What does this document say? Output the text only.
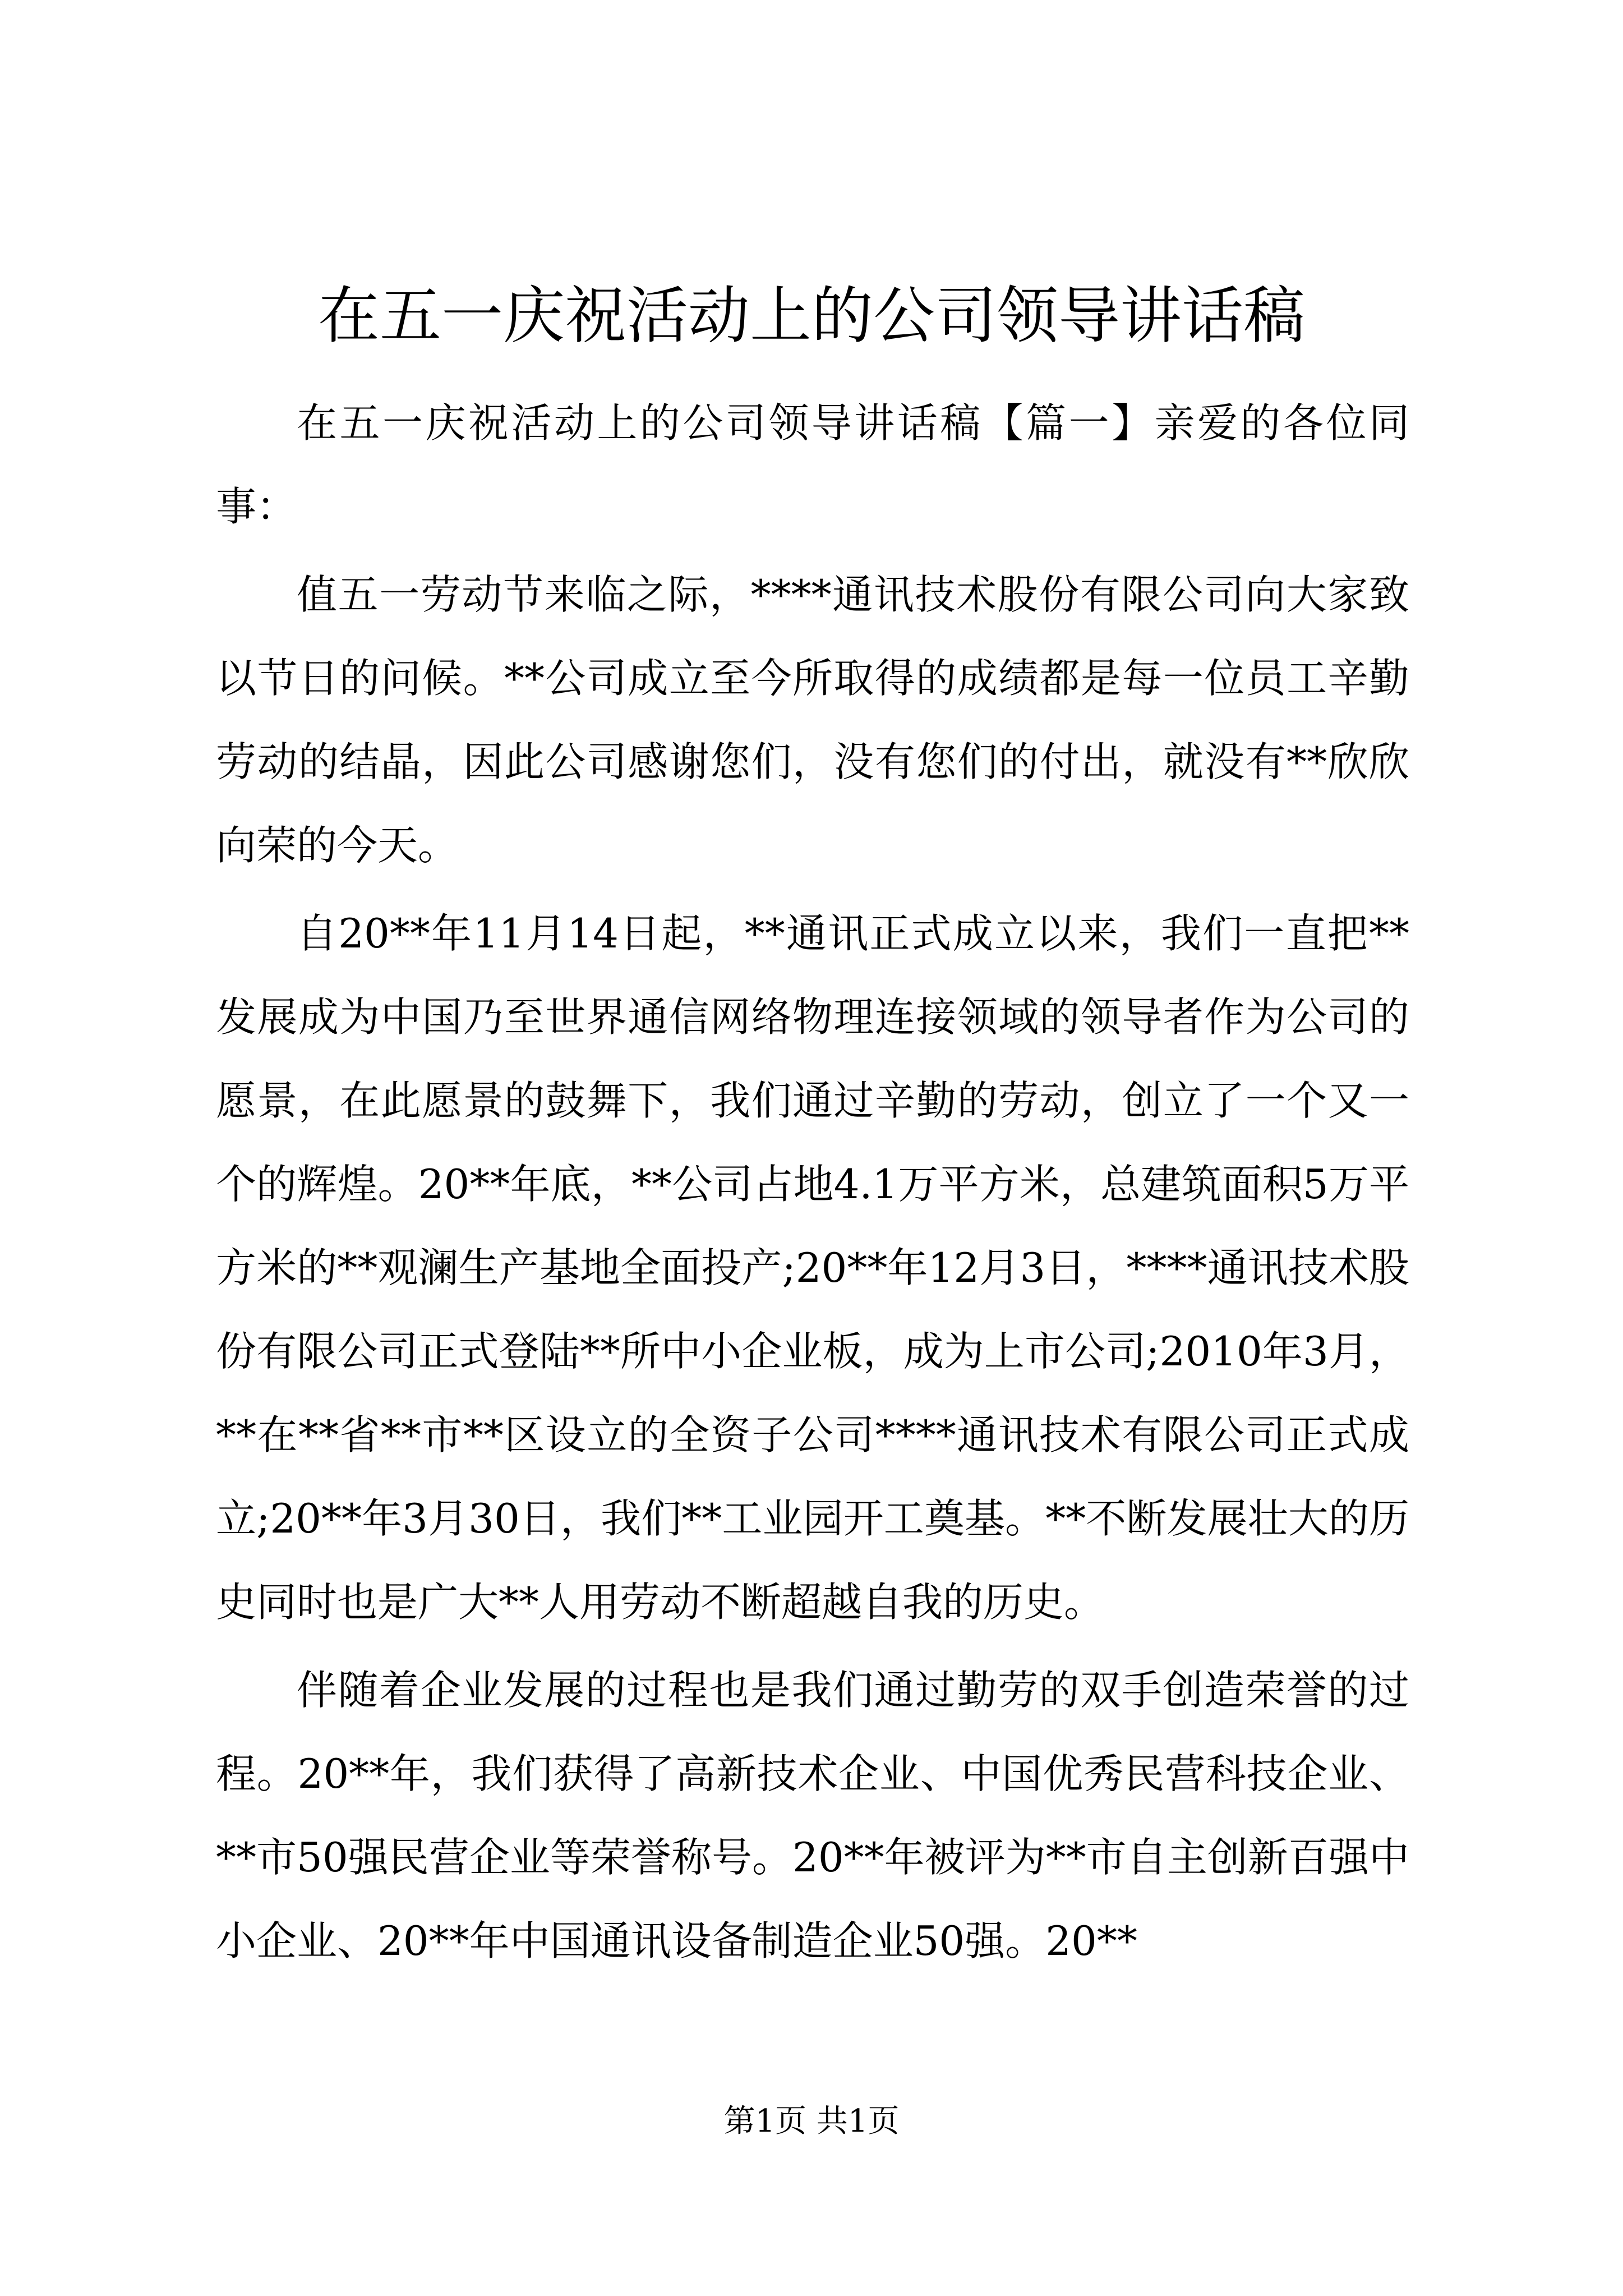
在五一庆祝活动上的公司领导讲话稿

在五一庆祝活动上的公司领导讲话稿【篇一】亲爱的各位同事：

值五一劳动节来临之际，****通讯技术股份有限公司向大家致以节日的问候。**公司成立至今所取得的成绩都是每一位员工辛勤劳动的结晶，因此公司感谢您们，没有您们的付出，就没有**欣欣向荣的今天。

自20**年11月14日起，**通讯正式成立以来，我们一直把**发展成为中国乃至世界通信网络物理连接领域的领导者作为公司的愿景，在此愿景的鼓舞下，我们通过辛勤的劳动，创立了一个又一个的辉煌。20**年底，**公司占地4.1万平方米，总建筑面积5万平方米的**观澜生产基地全面投产;20**年12月3日，****通讯技术股份有限公司正式登陆**所中小企业板，成为上市公司;2010年3月，**在**省**市**区设立的全资子公司****通讯技术有限公司正式成立;20**年3月30日，我们**工业园开工奠基。**不断发展壮大的历史同时也是广大**人用劳动不断超越自我的历史。

伴随着企业发展的过程也是我们通过勤劳的双手创造荣誉的过程。20**年，我们获得了高新技术企业、中国优秀民营科技企业、**市50强民营企业等荣誉称号。20**年被评为**市自主创新百强中小企业、20**年中国通讯设备制造企业50强。20**

第1页 共1页
